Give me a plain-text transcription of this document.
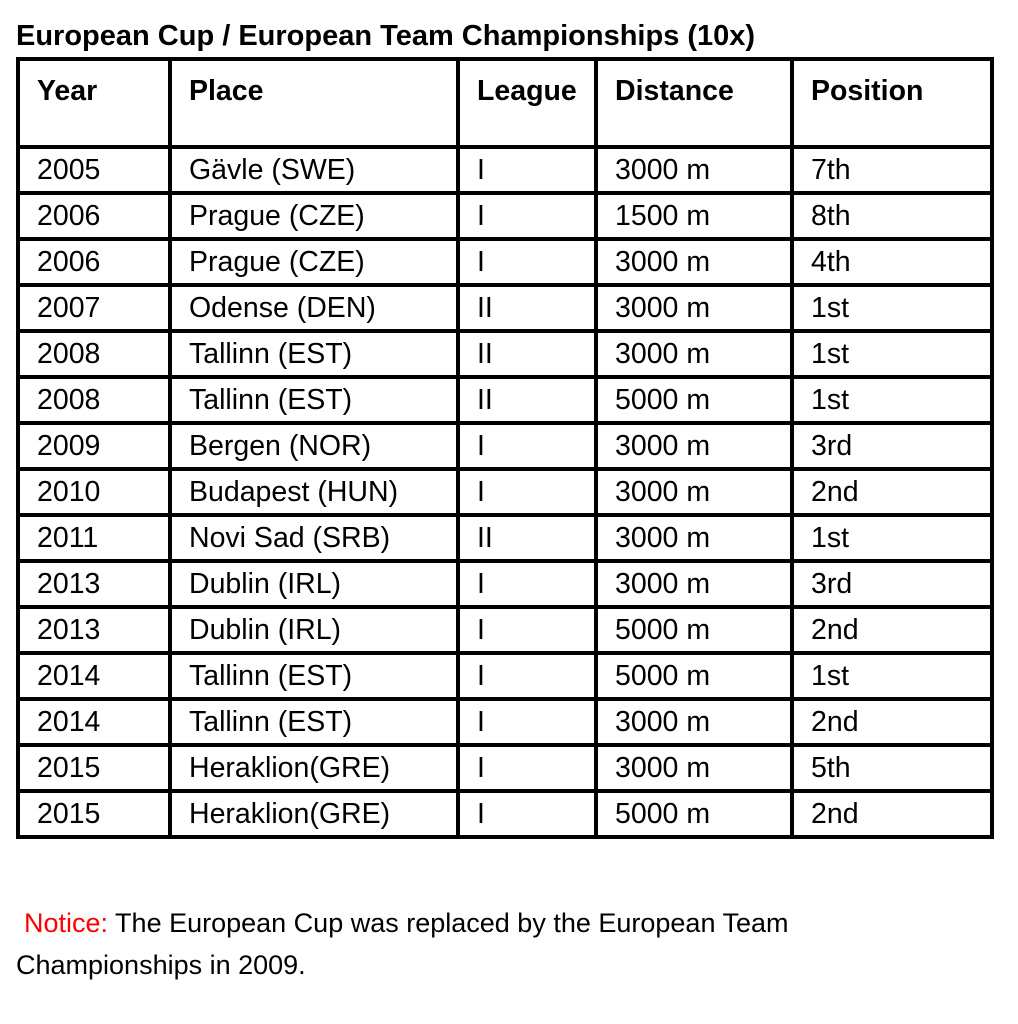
European Cup / European Team Championships (10x)
Year	Place	League	Distance	Position
2005	Gävle (SWE)	I	3000 m	7th
2006	Prague (CZE)	I	1500 m	8th
2006	Prague (CZE)	I	3000 m	4th
2007	Odense (DEN)	II	3000 m	1st
2008	Tallinn (EST)	II	3000 m	1st
2008	Tallinn (EST)	II	5000 m	1st
2009	Bergen (NOR)	I	3000 m	3rd
2010	Budapest (HUN)	I	3000 m	2nd
2011	Novi Sad (SRB)	II	3000 m	1st
2013	Dublin (IRL)	I	3000 m	3rd
2013	Dublin (IRL)	I	5000 m	2nd
2014	Tallinn (EST)	I	5000 m	1st
2014	Tallinn (EST)	I	3000 m	2nd
2015	Heraklion(GRE)	I	3000 m	5th
2015	Heraklion(GRE)	I	5000 m	2nd
Notice: The European Cup was replaced by the European Team Championships in 2009.
